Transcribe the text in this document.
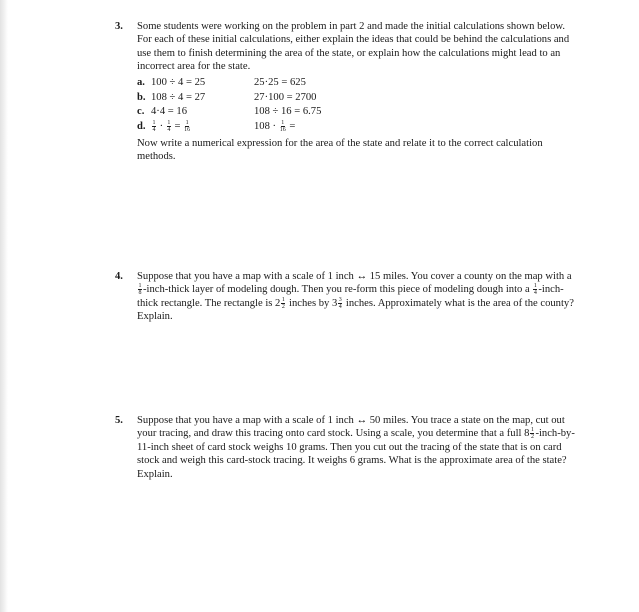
3. Some students were working on the problem in part 2 and made the initial calculations shown below. For each of these initial calculations, either explain the ideas that could be behind the calculations and use them to finish determining the area of the state, or explain how the calculations might lead to an incorrect area for the state.
a. 100 ÷ 4 = 25	25·25 = 625
b. 108 ÷ 4 = 27	27·100 = 2700
c. 4·4 = 16	108 ÷ 16 = 6.75
d.	$\frac{1}{4} \cdot \frac{1}{4} = \frac{1}{16}$	$108 \cdot \frac{1}{16}$ =
Now write a numerical expression for the area of the state and relate it to the correct calculation methods.
4. Suppose that you have a map with a scale of 1 inch ↔ 15 miles. You cover a county on the map with a
$\frac{1}{8}$ -inch-thick layer of modeling dough. Then you re-form this piece of modeling dough into a $\frac{1}{4}$ -inch-thick rectangle. The rectangle is $2 \frac{1}{2}$ inches by $3 \frac{3}{4}$ inches. Approximately what is the area of the county? Explain.
5. Suppose that you have a map with a scale of 1 inch ↔ 50 miles. You trace a state on the map, cut out your tracing, and draw this tracing onto card stock. Using a scale, you determine that a full $8 \frac{1}{2}$ -inch-by-11-inch sheet of card stock weighs 10 grams. Then you cut out the tracing of the state that is on card stock and weigh this card-stock tracing. It weighs 6 grams. What is the approximate area of the state? Explain.
